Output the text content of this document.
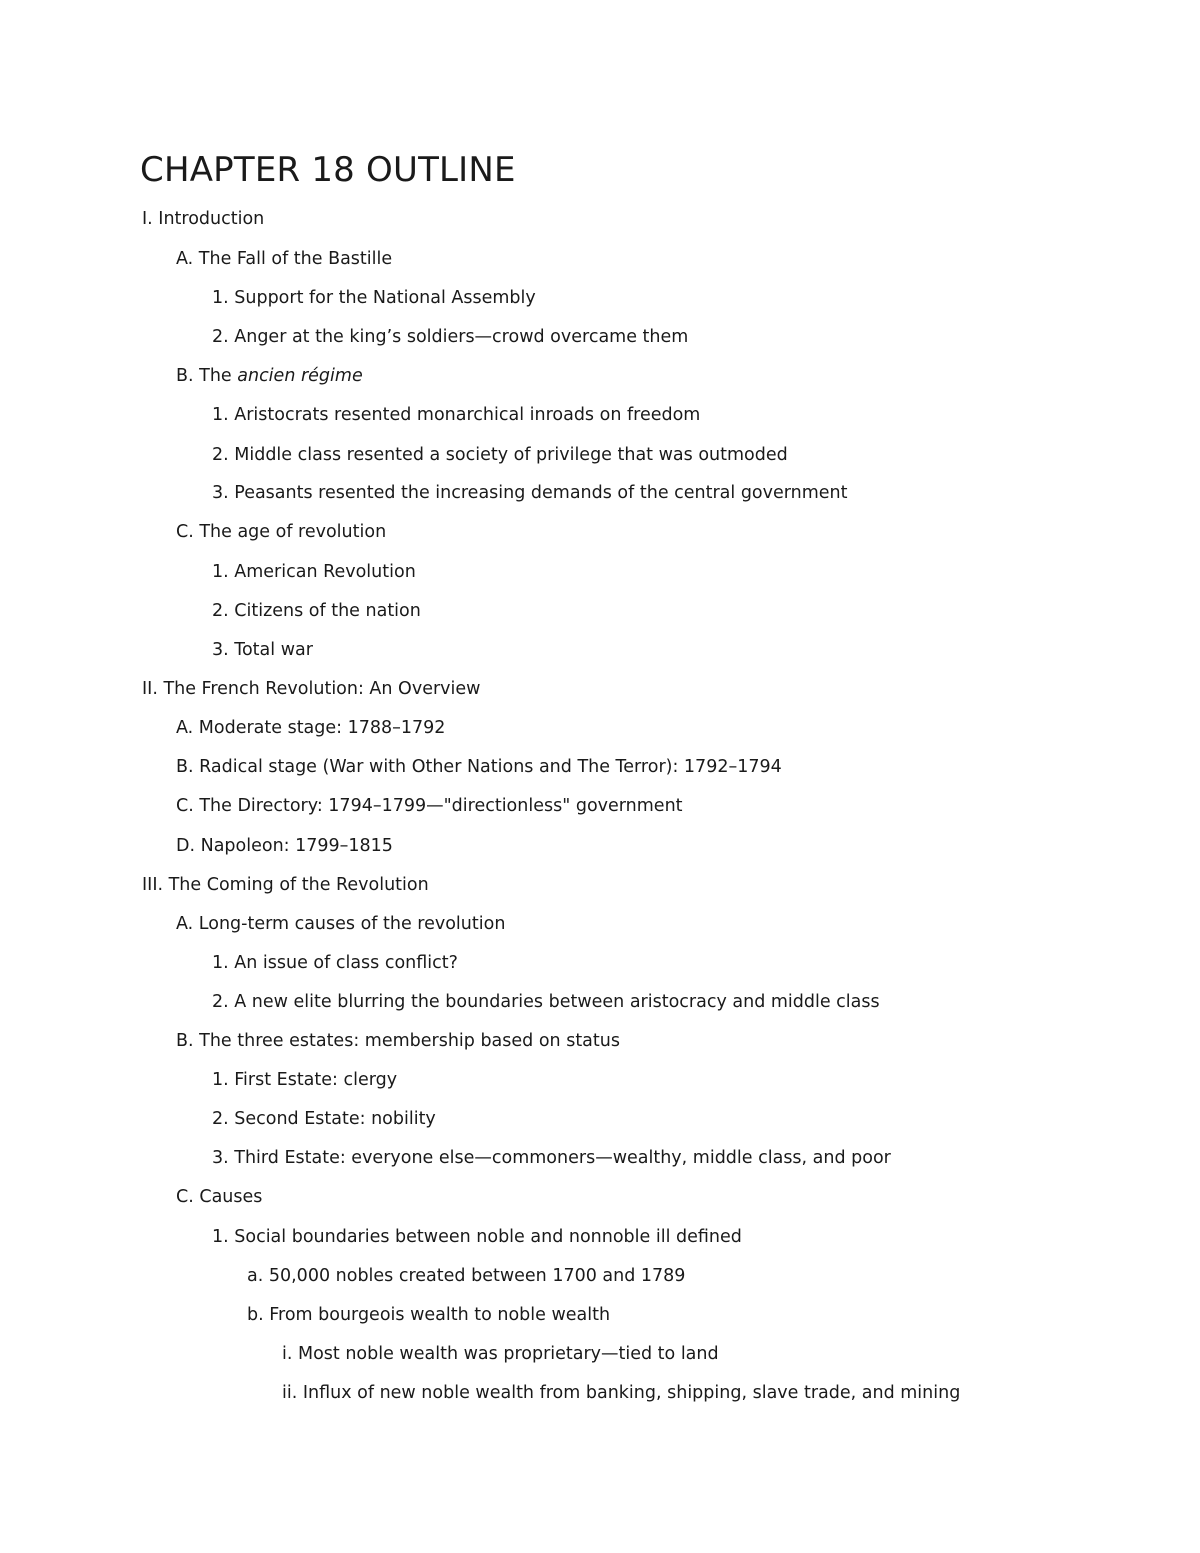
CHAPTER 18 OUTLINE
I. Introduction
A. The Fall of the Bastille
1. Support for the National Assembly
2. Anger at the king’s soldiers—crowd overcame them
B. The ancien régime
1. Aristocrats resented monarchical inroads on freedom
2. Middle class resented a society of privilege that was outmoded
3. Peasants resented the increasing demands of the central government
C. The age of revolution
1. American Revolution
2. Citizens of the nation
3. Total war
II. The French Revolution: An Overview
A. Moderate stage: 1788–1792
B. Radical stage (War with Other Nations and The Terror): 1792–1794
C. The Directory: 1794–1799—"directionless" government
D. Napoleon: 1799–1815
III. The Coming of the Revolution
A. Long-term causes of the revolution
1. An issue of class conflict?
2. A new elite blurring the boundaries between aristocracy and middle class
B. The three estates: membership based on status
1. First Estate: clergy
2. Second Estate: nobility
3. Third Estate: everyone else—commoners—wealthy, middle class, and poor
C. Causes
1. Social boundaries between noble and nonnoble ill defined
a. 50,000 nobles created between 1700 and 1789
b. From bourgeois wealth to noble wealth
i. Most noble wealth was proprietary—tied to land
ii. Influx of new noble wealth from banking, shipping, slave trade, and mining
